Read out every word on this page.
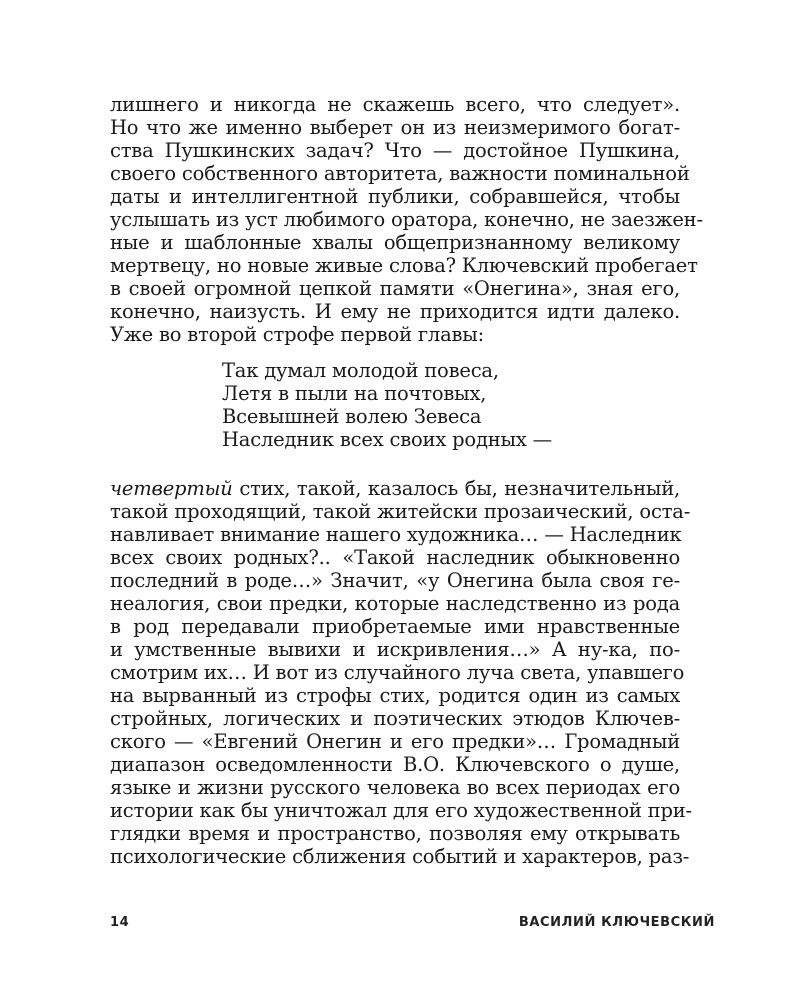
лишнего и никогда не скажешь всего, что следует».
Но что же именно выберет он из неизмеримого богат-
ства Пушкинских задач? Что — достойное Пушкина,
своего собственного авторитета, важности поминальной
даты и интеллигентной публики, собравшейся, чтобы
услышать из уст любимого оратора, конечно, не заезжен-
ные и шаблонные хвалы общепризнанному великому
мертвецу, но новые живые слова? Ключевский пробегает
в своей огромной цепкой памяти «Онегина», зная его,
конечно, наизусть. И ему не приходится идти далеко.
Уже во второй строфе первой главы:
Так думал молодой повеса,
Летя в пыли на почтовых,
Всевышней волею Зевеса
Наследник всех своих родных —
четвертый стих, такой, казалось бы, незначительный,
такой проходящий, такой житейски прозаический, оста-
навливает внимание нашего художника… — Наследник
всех своих родных?.. «Такой наследник обыкновенно
последний в роде…» Значит, «у Онегина была своя ге-
неалогия, свои предки, которые наследственно из рода
в род передавали приобретаемые ими нравственные
и умственные вывихи и искривления…» А ну-ка, по-
смотрим их… И вот из случайного луча света, упавшего
на вырванный из строфы стих, родится один из самых
стройных, логических и поэтических этюдов Ключев-
ского — «Евгений Онегин и его предки»… Громадный
диапазон осведомленности В.О. Ключевского о душе,
языке и жизни русского человека во всех периодах его
истории как бы уничтожал для его художественной при-
глядки время и пространство, позволяя ему открывать
психологические сближения событий и характеров, раз-
14	ВАСИЛИЙ КЛЮЧЕВСКИЙ
